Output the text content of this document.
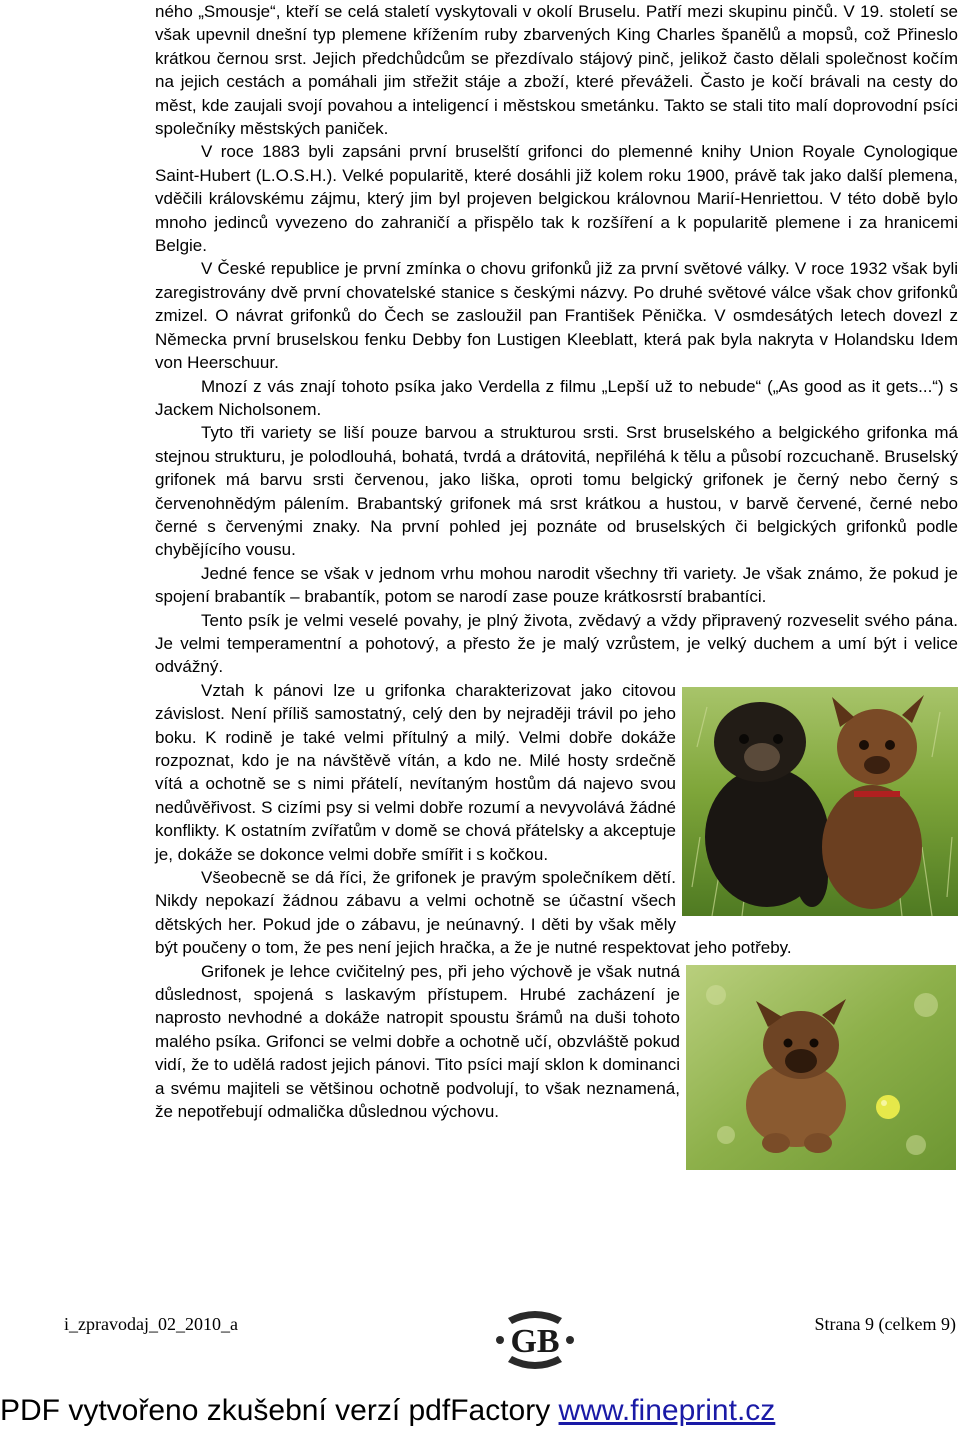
ného „Smousje“, kteří se celá staletí vyskytovali v okolí Bruselu. Patří mezi skupinu pinčů. V 19. století se však upevnil dnešní typ plemene křížením ruby zbarvených King Charles španělů a mopsů, což Přineslo krátkou černou srst. Jejich předchůdcům se přezdívalo stájový pinč, jelikož často dělali společnost kočím na jejich cestách a pomáhali jim střežit stáje a zboží, které převáželi. Často je kočí brávali na cesty do měst, kde zaujali svojí povahou a inteligencí i městskou smetánku. Takto se stali tito malí doprovodní psíci společníky městských paniček.

V roce 1883 byli zapsáni první bruselští grifonci do plemenné knihy Union Royale Cynologique Saint-Hubert (L.O.S.H.). Velké popularitě, které dosáhli již kolem roku 1900, právě tak jako další plemena, vděčili královskému zájmu, který jim byl projeven belgickou královnou Marií-Henriettou. V této době bylo mnoho jedinců vyvezeno do zahraničí a přispělo tak k rozšíření a k popularitě plemene i za hranicemi Belgie.

V České republice je první zmínka o chovu grifonků již za první světové války. V roce 1932 však byli zaregistrovány dvě první chovatelské stanice s českými názvy. Po druhé světové válce však chov grifonků zmizel. O návrat grifonků do Čech se zasloužil pan František Pěnička. V osmdesátých letech dovezl z Německa první bruselskou fenku Debby fon Lustigen Kleeblatt, která pak byla nakryta v Holandsku Idem von Heerschuur.

Mnozí z vás znají tohoto psíka jako Verdella z filmu „Lepší už to nebude“ („As good as it gets...“) s Jackem Nicholsonem.

Tyto tři variety se liší pouze barvou a strukturou srsti. Srst bruselského a belgického grifonka má stejnou strukturu, je polodlouhá, bohatá, tvrdá a drátovitá, nepřiléhá k tělu a působí rozcuchaně. Bruselský grifonek má barvu srsti červenou, jako liška, oproti tomu belgický grifonek je černý nebo černý s červenohnědým pálením. Brabantský grifonek má srst krátkou a hustou, v barvě červené, černé nebo černé s červenými znaky. Na první pohled jej poznáte od bruselských či belgických grifonků podle chybějícího vousu.

Jedné fence se však v jednom vrhu mohou narodit všechny tři variety. Je však známo, že pokud je spojení brabantík – brabantík, potom se narodí zase pouze krátkosrstí brabantíci.

Tento psík je velmi veselé povahy, je plný života, zvědavý a vždy připravený rozveselit svého pána. Je velmi temperamentní a pohotový, a přesto že je malý vzrůstem, je velký duchem a umí být i velice odvážný.

Vztah k pánovi lze u grifonka charakterizovat jako citovou závislost. Není příliš samostatný, celý den by nejraději trávil po jeho boku. K rodině je také velmi přítulný a milý. Velmi dobře dokáže rozpoznat, kdo je na návštěvě vítán, a kdo ne. Milé hosty srdečně vítá a ochotně se s nimi přátelí, nevítaným hostům dá najevo svou nedůvěřivost. S cizími psy si velmi dobře rozumí a nevyvolává žádné konflikty. K ostatním zvířatům v domě se chová přátelsky a akceptuje je, dokáže se dokonce velmi dobře smířit i s kočkou.

Všeobecně se dá říci, že grifonek je pravým společníkem dětí. Nikdy nepokazí žádnou zábavu a velmi ochotně se účastní všech dětských her. Pokud jde o zábavu, je neúnavný. I děti by však měly být poučeny o tom, že pes není jejich hračka, a že je nutné respektovat jeho potřeby.

Grifonek je lehce cvičitelný pes, při jeho výchově je však nutná důslednost, spojená s laskavým přístupem. Hrubé zacházení je naprosto nevhodné a dokáže natropit spoustu šrámů na duši tohoto malého psíka. Grifonci se velmi dobře a ochotně učí, obzvláště pokud vidí, že to udělá radost jejich pánovi. Tito psíci mají sklon k dominanci a svému majiteli se většinou ochotně podvolují, to však neznamená, že nepotřebují odmalička důslednou výchovu.

i_zpravodaj_02_2010_a	GB	Strana 9 (celkem 9)
PDF vytvořeno zkušební verzí pdfFactory www.fineprint.cz
